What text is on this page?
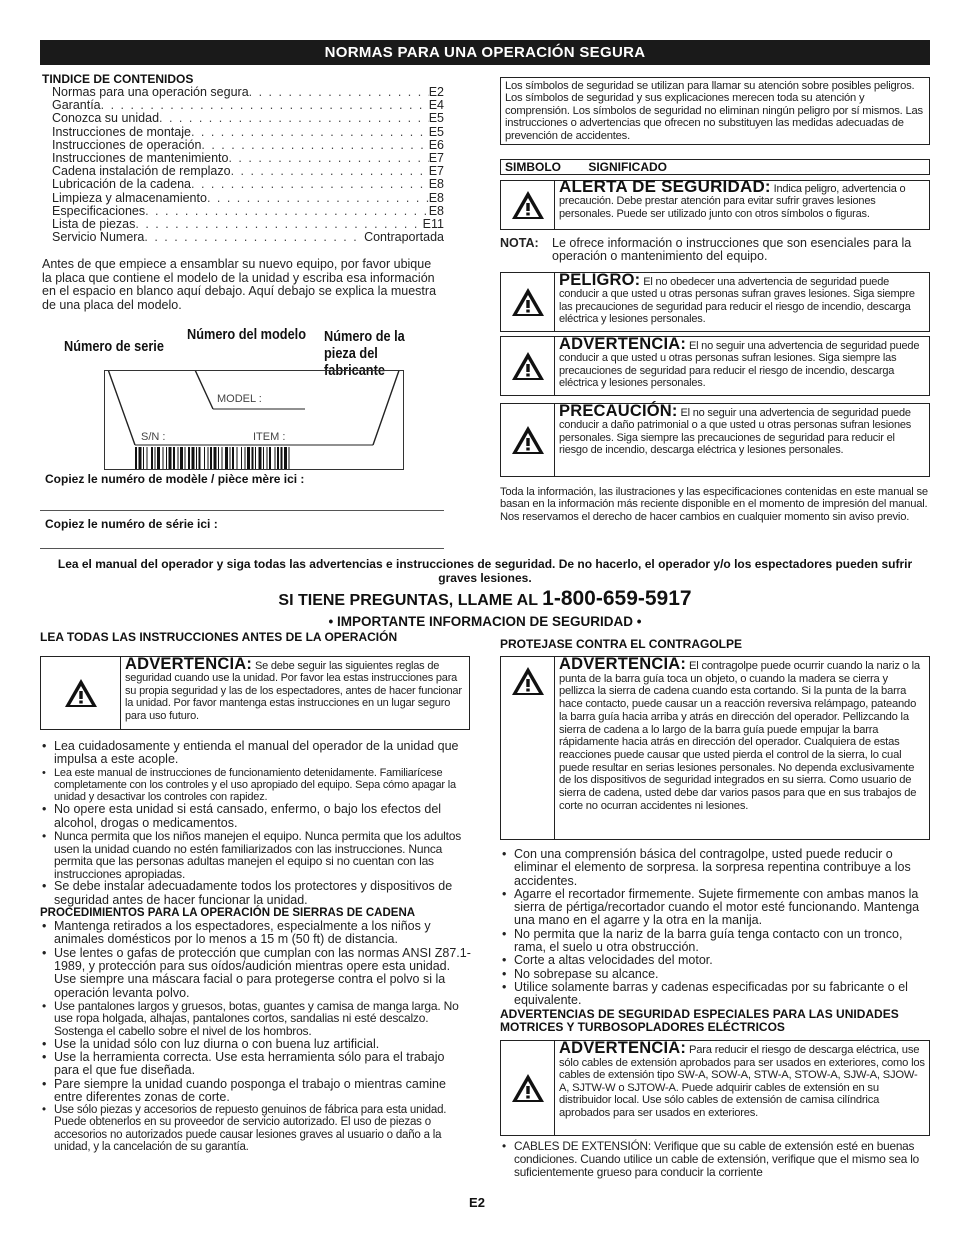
NORMAS PARA UNA OPERACIÓN SEGURA
TINDICE DE CONTENIDOS
Normas para una operación segura . . .	E2
Garantía . . .	E4
Conozca su unidad . . .	E5
Instrucciones de montaje . . .	E5
Instrucciones de operación . . .	E6
Instrucciones de mantenimiento . . .	E7
Cadena instalación de remplazo . . .	E7
Lubricación de la cadena . . .	E8
Limpieza y almacenamiento . . .	E8
Especificaciones . . .	E8
Lista de piezas . . .	E11
Servicio Numera . . .	Contraportada
Antes de que empiece a ensamblar su nuevo equipo, por favor ubique la placa que contiene el modelo de la unidad y escriba esa información en el espacio en blanco aquí debajo. Aquí debajo se explica la muestra de una placa del modelo.
Número de serie
Número del modelo Número de la pieza del fabricante
MODEL :
S/N :	ITEM :
Copiez le numéro de modèle / pièce mère ici :
Copiez le numéro de série ici :
Los símbolos de seguridad se utilizan para llamar su atención sobre posibles peligros. Los símbolos de seguridad y sus explicaciones merecen toda su atención y comprensión. Los símbolos de seguridad no eliminan ningún peligro por sí mismos. Las instrucciones o advertencias que ofrecen no substituyen las medidas adecuadas de prevención de accidentes.
SIMBOLO SIGNIFICADO
ALERTA DE SEGURIDAD: Indica peligro, advertencia o precaución. Debe prestar atención para evitar sufrir graves lesiones personales. Puede ser utilizado junto con otros símbolos o figuras.
NOTA:	Le ofrece información o instrucciones que son esenciales para la operación o mantenimiento del equipo.
PELIGRO: El no obedecer una advertencia de seguridad puede conducir a que usted u otras personas sufran graves lesiones. Siga siempre las precauciones de seguridad para reducir el riesgo de incendio, descarga eléctrica y lesiones personales.
ADVERTENCIA: El no seguir una advertencia de seguridad puede conducir a que usted u otras personas sufran lesiones. Siga siempre las precauciones de seguridad para reducir el riesgo de incendio, descarga eléctrica y lesiones personales.
PRECAUCIÓN: El no seguir una advertencia de seguridad puede conducir a daño patrimonial o a que usted u otras personas sufran lesiones personales. Siga siempre las precauciones de seguridad para reducir el riesgo de incendio, descarga eléctrica y lesiones personales.
Toda la información, las ilustraciones y las especificaciones contenidas en este manual se basan en la información más reciente disponible en el momento de impresión del manual. Nos reservamos el derecho de hacer cambios en cualquier momento sin aviso previo.
Lea el manual del operador y siga todas las advertencias e instrucciones de seguridad. De no hacerlo, el operador y/o los espectadores pueden sufrir graves lesiones.
SI TIENE PREGUNTAS, LLAME AL 1-800-659-5917
• IMPORTANTE INFORMACION DE SEGURIDAD •
LEA TODAS LAS INSTRUCCIONES ANTES DE LA OPERACIÓN
ADVERTENCIA: Se debe seguir las siguientes reglas de seguridad cuando use la unidad. Por favor lea estas instrucciones para su propia seguridad y las de los espectadores, antes de hacer funcionar la unidad. Por favor mantenga estas instrucciones en un lugar seguro para uso futuro.
• Lea cuidadosamente y entienda el manual del operador de la unidad que impulsa a este acople.
• Lea este manual de instrucciones de funcionamiento detenidamente. Familiarícese completamente con los controles y el uso apropiado del equipo. Sepa cómo apagar la unidad y desactivar los controles con rapidez.
• No opere esta unidad si está cansado, enfermo, o bajo los efectos del alcohol, drogas o medicamentos.
• Nunca permita que los niños manejen el equipo. Nunca permita que los adultos usen la unidad cuando no estén familiarizados con las instrucciones. Nunca permita que las personas adultas manejen el equipo si no cuentan con las instrucciones apropiadas.
• Se debe instalar adecuadamente todos los protectores y dispositivos de seguridad antes de hacer funcionar la unidad.
PROCEDIMIENTOS PARA LA OPERACIÓN DE SIERRAS DE CADENA
• Mantenga retirados a los espectadores, especialmente a los niños y animales domésticos por lo menos a 15 m (50 ft) de distancia.
• Use lentes o gafas de protección que cumplan con las normas ANSI Z87.1-1989, y protección para sus oídos/audición mientras opere esta unidad. Use siempre una máscara facial o para protegerse contra el polvo si la operación levanta polvo.
• Use pantalones largos y gruesos, botas, guantes y camisa de manga larga. No use ropa holgada, alhajas, pantalones cortos, sandalias ni esté descalzo. Sostenga el cabello sobre el nivel de los hombros.
• Use la unidad sólo con luz diurna o con buena luz artificial.
• Use la herramienta correcta. Use esta herramienta sólo para el trabajo para el que fue diseñada.
• Pare siempre la unidad cuando posponga el trabajo o mientras camine entre diferentes zonas de corte.
• Use sólo piezas y accesorios de repuesto genuinos de fábrica para esta unidad. Puede obtenerlos en su proveedor de servicio autorizado. El uso de piezas o accesorios no autorizados puede causar lesiones graves al usuario o daño a la unidad, y la cancelación de su garantía.
PROTEJASE CONTRA EL CONTRAGOLPE
ADVERTENCIA: El contragolpe puede ocurrir cuando la nariz o la punta de la barra guía toca un objeto, o cuando la madera se cierra y pellizca la sierra de cadena cuando esta cortando. Si la punta de la barra hace contacto, puede causar un a reacción reversiva relámpago, pateando la barra guía hacia arriba y atrás en dirección del operador. Pellizcando la sierra de cadena a lo largo de la barra guía puede empujar la barra rápidamente hacia atrás en dirección del operador. Cualquiera de estas reacciones puede causar que usted pierda el control de la sierra, lo cual puede resultar en serias lesiones personales. No dependa exclusivamente de los dispositivos de seguridad integrados en su sierra. Como usuario de sierra de cadena, usted debe dar varios pasos para que en sus trabajos de corte no ocurran accidentes ni lesiones.
• Con una comprensión básica del contragolpe, usted puede reducir o eliminar el elemento de sorpresa. la sorpresa repentina contribuye a los accidentes.
• Agarre el recortador firmemente. Sujete firmemente con ambas manos la sierra de pértiga/recortador cuando el motor esté funcionando. Mantenga una mano en el agarre y la otra en la manija.
• No permita que la nariz de la barra guía tenga contacto con un tronco, rama, el suelo u otra obstrucción.
• Corte a altas velocidades del motor.
• No sobrepase su alcance.
• Utilice solamente barras y cadenas especificadas por su fabricante o el equivalente.
ADVERTENCIAS DE SEGURIDAD ESPECIALES PARA LAS UNIDADES MOTRICES Y TURBOSOPLADORES ELÉCTRICOS
ADVERTENCIA: Para reducir el riesgo de descarga eléctrica, use sólo cables de extensión aprobados para ser usados en exteriores, como los cables de extensión tipo SW-A, SOW-A, STW-A, STOW-A, SJW-A, SJOW-A, SJTW-W o SJTOW-A. Puede adquirir cables de extensión en su distribuidor local. Use sólo cables de extensión de camisa cilíndrica aprobados para ser usados en exteriores.
• CABLES DE EXTENSIÓN: Verifique que su cable de extensión esté en buenas condiciones. Cuando utilice un cable de extensión, verifique que el mismo sea lo suficientemente grueso para conducir la corriente
E2
